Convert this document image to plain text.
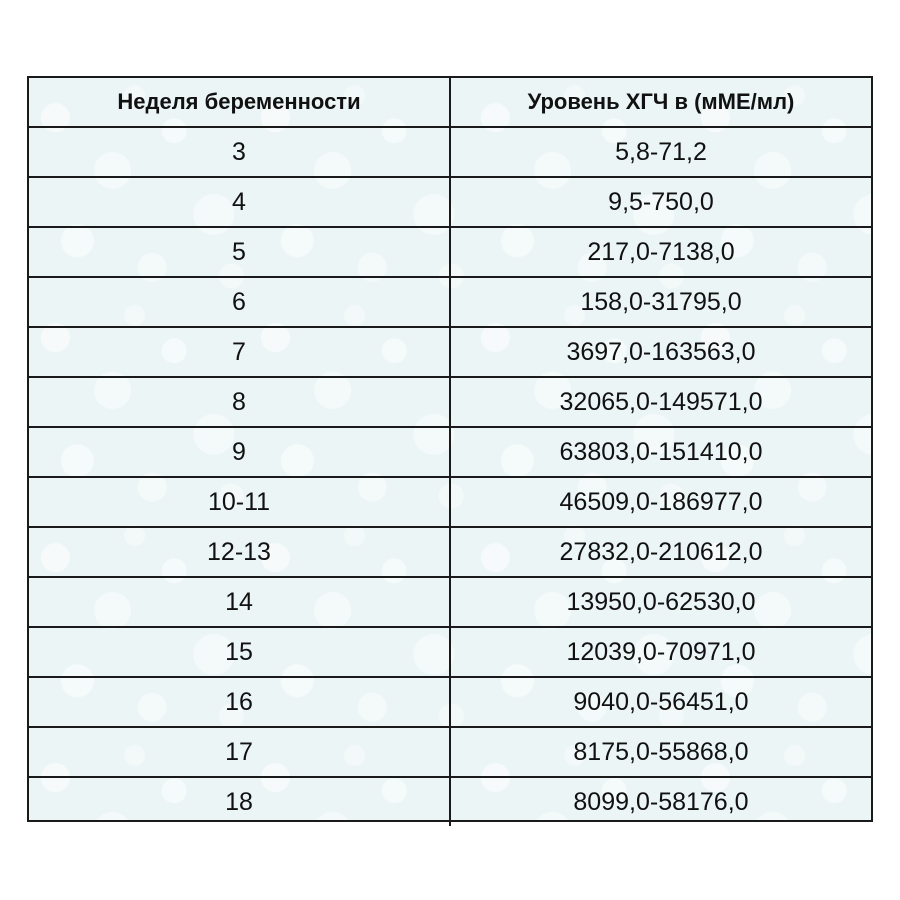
Неделя беременности	Уровень ХГЧ в (мМЕ/мл)
3	5,8-71,2
4	9,5-750,0
5	217,0-7138,0
6	158,0-31795,0
7	3697,0-163563,0
8	32065,0-149571,0
9	63803,0-151410,0
10-11	46509,0-186977,0
12-13	27832,0-210612,0
14	13950,0-62530,0
15	12039,0-70971,0
16	9040,0-56451,0
17	8175,0-55868,0
18	8099,0-58176,0
